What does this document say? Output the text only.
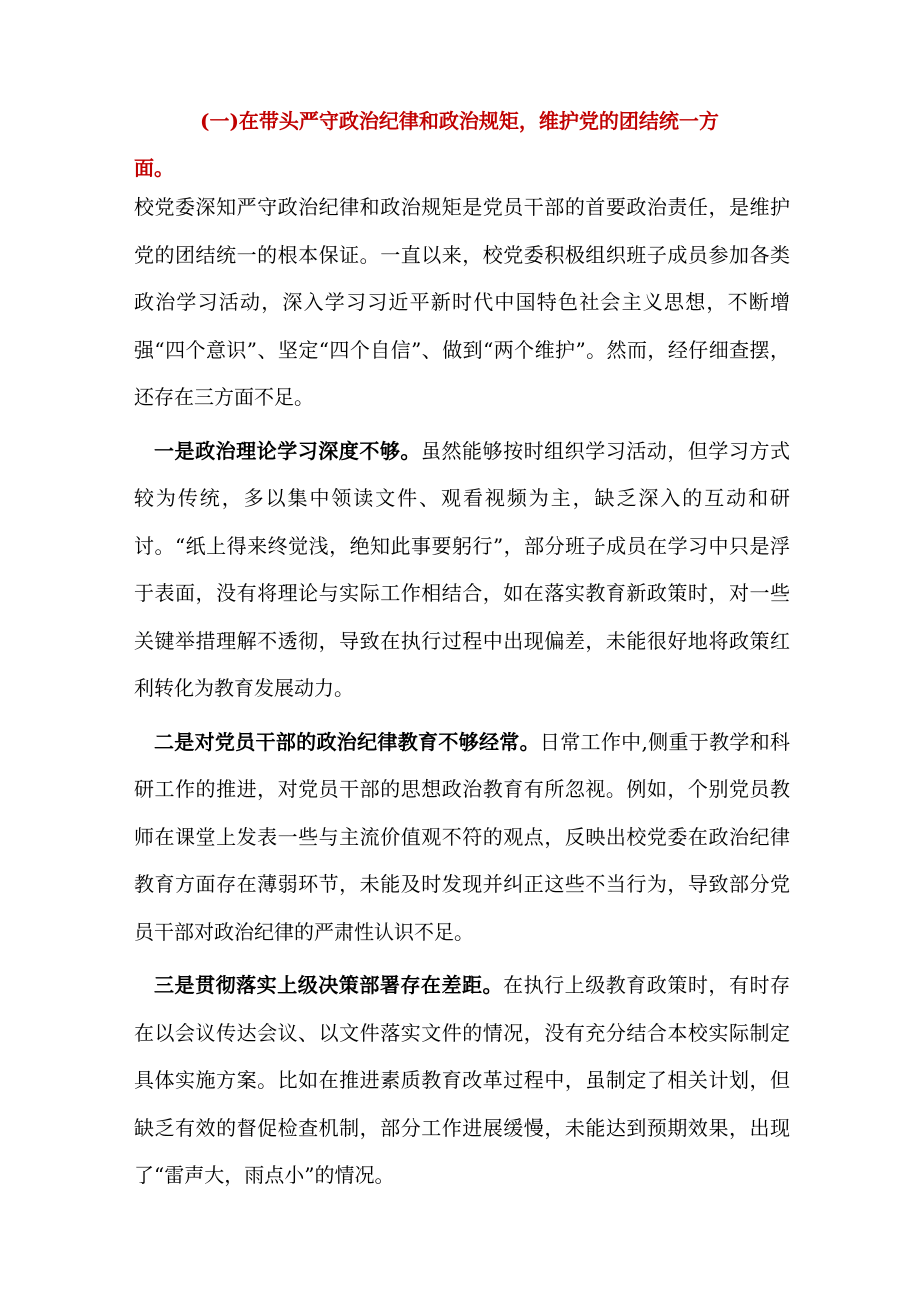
(一)在带头严守政治纪律和政治规矩，维护党的团结统一方
面。

校党委深知严守政治纪律和政治规矩是党员干部的首要政治责任，是维护党的团结统一的根本保证。一直以来，校党委积极组织班子成员参加各类政治学习活动，深入学习习近平新时代中国特色社会主义思想，不断增强“四个意识”、坚定“四个自信”、做到“两个维护”。然而，经仔细查摆，还存在三方面不足。

一是政治理论学习深度不够。虽然能够按时组织学习活动，但学习方式较为传统，多以集中领读文件、观看视频为主，缺乏深入的互动和研讨。“纸上得来终觉浅，绝知此事要躬行”，部分班子成员在学习中只是浮于表面，没有将理论与实际工作相结合，如在落实教育新政策时，对一些关键举措理解不透彻，导致在执行过程中出现偏差，未能很好地将政策红利转化为教育发展动力。

二是对党员干部的政治纪律教育不够经常。日常工作中,侧重于教学和科研工作的推进，对党员干部的思想政治教育有所忽视。例如，个别党员教师在课堂上发表一些与主流价值观不符的观点，反映出校党委在政治纪律教育方面存在薄弱环节，未能及时发现并纠正这些不当行为，导致部分党员干部对政治纪律的严肃性认识不足。

三是贯彻落实上级决策部署存在差距。在执行上级教育政策时，有时存在以会议传达会议、以文件落实文件的情况，没有充分结合本校实际制定具体实施方案。比如在推进素质教育改革过程中，虽制定了相关计划，但缺乏有效的督促检查机制，部分工作进展缓慢，未能达到预期效果，出现了“雷声大，雨点小”的情况。
